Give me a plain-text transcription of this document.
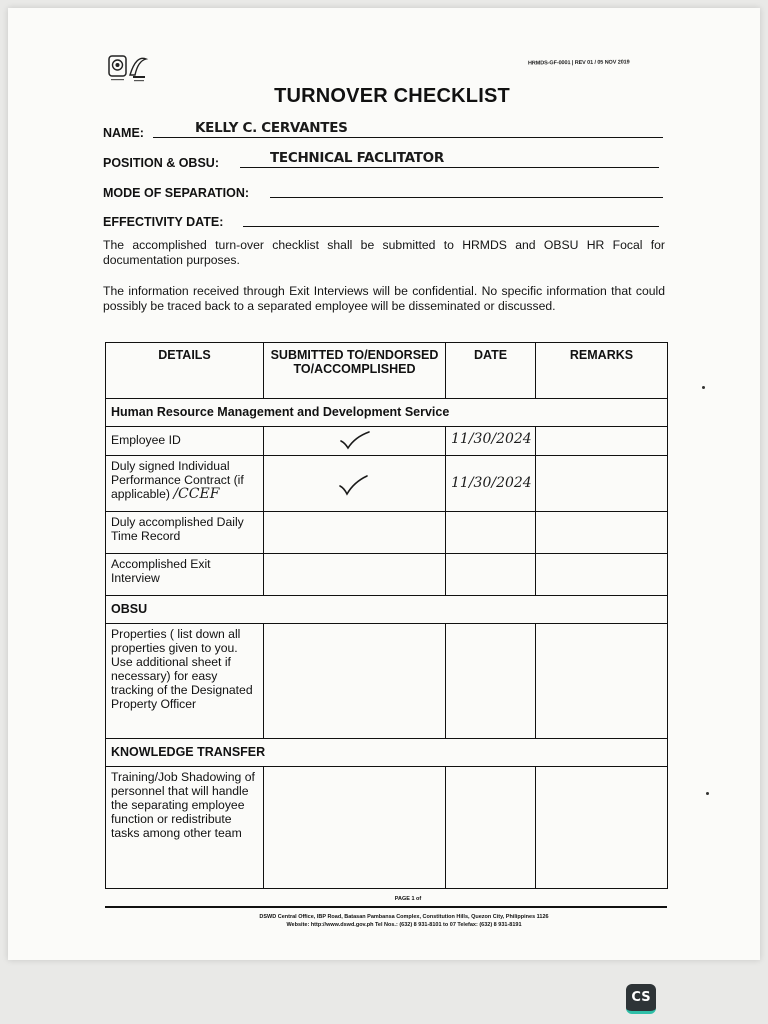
HRMDS-GF-0001 | REV 01 / 05 NOV 2019
TURNOVER CHECKLIST
NAME:	KELLY C. CERVANTES
POSITION & OBSU:	TECHNICAL FACLITATOR
MODE OF SEPARATION:
EFFECTIVITY DATE:
The accomplished turn-over checklist shall be submitted to HRMDS and OBSU HR Focal for documentation purposes.
The information received through Exit Interviews will be confidential. No specific information that could possibly be traced back to a separated employee will be disseminated or discussed.
DETAILS	SUBMITTED TO/ENDORSED TO/ACCOMPLISHED	DATE	REMARKS
Human Resource Management and Development Service			
Employee ID		11/30/2024	
Duly signed Individual Performance Contract (if applicable) /CCEF		11/30/2024	
Duly accomplished Daily Time Record			
Accomplished Exit Interview			
OBSU			
Properties ( list down all properties given to you. Use additional sheet if necessary) for easy tracking of the Designated Property Officer			
KNOWLEDGE TRANSFER			
Training/Job Shadowing of personnel that will handle the separating employee function or redistribute tasks among other team			
PAGE 1 of
DSWD Central Office, IBP Road, Batasan Pambansa Complex, Constitution Hills, Quezon City, Philippines 1126
Website: http://www.dswd.gov.ph Tel Nos.: (632) 8 931-8101 to 07 Telefax: (632) 8 931-8191
CS
